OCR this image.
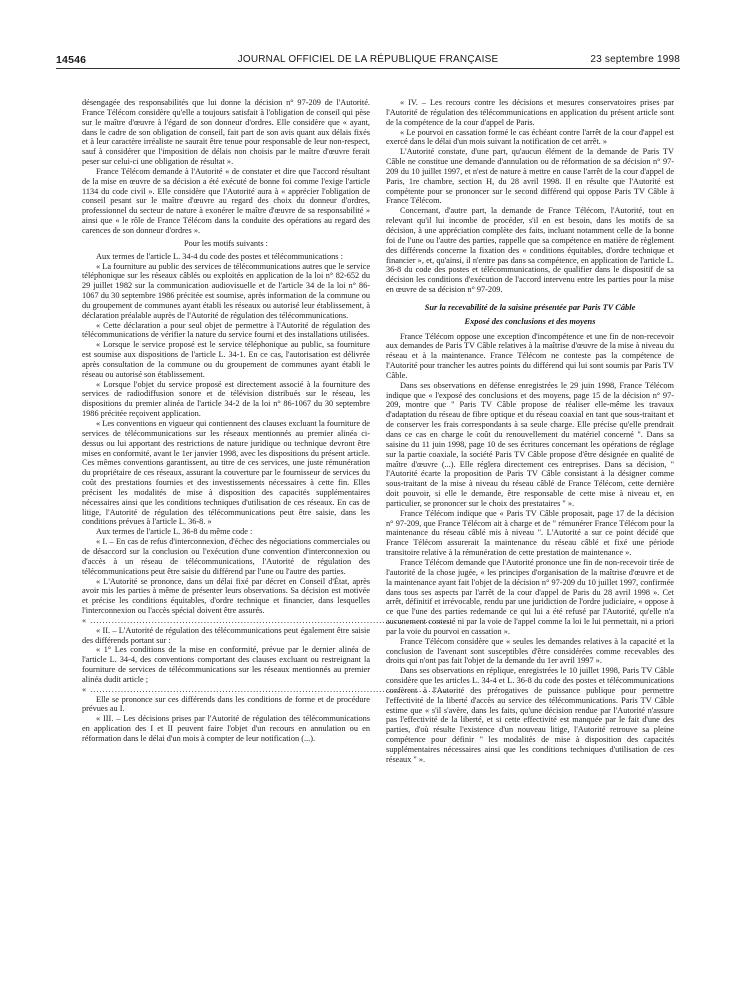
14546	JOURNAL OFFICIEL DE LA RÉPUBLIQUE FRANÇAISE	23 septembre 1998

désengagée des responsabilités que lui donne la décision n° 97-209 de l'Autorité. France Télécom considère qu'elle a toujours satisfait à l'obligation de conseil qui pèse sur le maître d'œuvre à l'égard de son donneur d'ordres. Elle considère que « ayant, dans le cadre de son obligation de conseil, fait part de son avis quant aux délais fixés et à leur caractère irréaliste ne saurait être tenue pour responsable de leur non-respect, sauf à considérer que l'imposition de délais non choisis par le maître d'œuvre ferait peser sur celui-ci une obligation de résultat ».

France Télécom demande à l'Autorité « de constater et dire que l'accord résultant de la mise en œuvre de sa décision a été exécuté de bonne foi comme l'exige l'article 1134 du code civil ». Elle considère que l'Autorité aura à « apprécier l'obligation de conseil pesant sur le maître d'œuvre au regard des choix du donneur d'ordres, professionnel du secteur de nature à exonérer le maître d'œuvre de sa responsabilité » ainsi que « le rôle de France Télécom dans la conduite des opérations au regard des carences de son donneur d'ordres ».

Pour les motifs suivants :

Aux termes de l'article L. 34-4 du code des postes et télécommunications :

« La fourniture au public des services de télécommunications autres que le service téléphonique sur les réseaux câblés ou exploités en application de la loi n° 82-652 du 29 juillet 1982 sur la communication audiovisuelle et de l'article 34 de la loi n° 86-1067 du 30 septembre 1986 précitée est soumise, après information de la commune ou du groupement de communes ayant établi les réseaux ou autorisé leur établissement, à déclaration préalable auprès de l'Autorité de régulation des télécommunications.

« Cette déclaration a pour seul objet de permettre à l'Autorité de régulation des télécommunications de vérifier la nature du service fourni et des installations utilisées.

« Lorsque le service proposé est le service téléphonique au public, sa fourniture est soumise aux dispositions de l'article L. 34-1. En ce cas, l'autorisation est délivrée après consultation de la commune ou du groupement de communes ayant établi le réseau ou autorisé son établissement.

« Lorsque l'objet du service proposé est directement associé à la fourniture des services de radiodiffusion sonore et de télévision distribués sur le réseau, les dispositions du premier alinéa de l'article 34-2 de la loi n° 86-1067 du 30 septembre 1986 précitée reçoivent application.

« Les conventions en vigueur qui contiennent des clauses excluant la fourniture de services de télécommunications sur les réseaux mentionnés au premier alinéa ci-dessus ou lui apportant des restrictions de nature juridique ou technique devront être mises en conformité, avant le 1er janvier 1998, avec les dispositions du présent article. Ces mêmes conventions garantissent, au titre de ces services, une juste rémunération du propriétaire de ces réseaux, assurant la couverture par le fournisseur de services du coût des prestations fournies et des investissements nécessaires à cette fin. Elles précisent les modalités de mise à disposition des capacités supplémentaires nécessaires ainsi que les conditions techniques d'utilisation de ces réseaux. En cas de litige, l'Autorité de régulation des télécommunications peut être saisie, dans les conditions prévues à l'article L. 36-8. »

Aux termes de l'article L. 36-8 du même code :

« I. – En cas de refus d'interconnexion, d'échec des négociations commerciales ou de désaccord sur la conclusion ou l'exécution d'une convention d'interconnexion ou d'accès à un réseau de télécommunications, l'Autorité de régulation des télécommunications peut être saisie du différend par l'une ou l'autre des parties.

« L'Autorité se prononce, dans un délai fixé par décret en Conseil d'État, après avoir mis les parties à même de présenter leurs observations. Sa décision est motivée et précise les conditions équitables, d'ordre technique et financier, dans lesquelles l'interconnexion ou l'accès spécial doivent être assurés.

« ......................................................................................................................

« II. – L'Autorité de régulation des télécommunications peut également être saisie des différends portant sur :

« 1° Les conditions de la mise en conformité, prévue par le dernier alinéa de l'article L. 34-4, des conventions comportant des clauses excluant ou restreignant la fourniture de services de télécommunications sur les réseaux mentionnés au premier alinéa dudit article ;

« ......................................................................................................................

Elle se prononce sur ces différends dans les conditions de forme et de procédure prévues au I.

« III. – Les décisions prises par l'Autorité de régulation des télécommunications en application des I et II peuvent faire l'objet d'un recours en annulation ou en réformation dans le délai d'un mois à compter de leur notification (...).

« IV. – Les recours contre les décisions et mesures conservatoires prises par l'Autorité de régulation des télécommunications en application du présent article sont de la compétence de la cour d'appel de Paris.

« Le pourvoi en cassation formé le cas échéant contre l'arrêt de la cour d'appel est exercé dans le délai d'un mois suivant la notification de cet arrêt. »

L'Autorité constate, d'une part, qu'aucun élément de la demande de Paris TV Câble ne constitue une demande d'annulation ou de réformation de sa décision n° 97-209 du 10 juillet 1997, et n'est de nature à mettre en cause l'arrêt de la cour d'appel de Paris, 1re chambre, section H, du 28 avril 1998. Il en résulte que l'Autorité est compétente pour se prononcer sur le second différend qui oppose Paris TV Câble à France Télécom.

Concernant, d'autre part, la demande de France Télécom, l'Autorité, tout en relevant qu'il lui incombe de procéder, s'il en est besoin, dans les motifs de sa décision, à une appréciation complète des faits, incluant notamment celle de la bonne foi de l'une ou l'autre des parties, rappelle que sa compétence en matière de règlement des différends concerne la fixation des « conditions équitables, d'ordre technique et financier », et, qu'ainsi, il n'entre pas dans sa compétence, en application de l'article L. 36-8 du code des postes et télécommunications, de qualifier dans le dispositif de sa décision les conditions d'exécution de l'accord intervenu entre les parties pour la mise en œuvre de sa décision n° 97-209.

Sur la recevabilité de la saisine présentée par Paris TV Câble
Exposé des conclusions et des moyens

France Télécom oppose une exception d'incompétence et une fin de non-recevoir aux demandes de Paris TV Câble relatives à la maîtrise d'œuvre de la mise à niveau du réseau et à la maintenance. France Télécom ne conteste pas la compétence de l'Autorité pour trancher les autres points du différend qui lui sont soumis par Paris TV Câble.

Dans ses observations en défense enregistrées le 29 juin 1998, France Télécom indique que « l'exposé des conclusions et des moyens, page 15 de la décision n° 97-209, montre que " Paris TV Câble propose de réaliser elle-même les travaux d'adaptation du réseau de fibre optique et du réseau coaxial en tant que sous-traitant et de conserver les frais correspondants à sa seule charge. Elle précise qu'elle prendrait dans ce cas en charge le coût du renouvellement du matériel concerné ". Dans sa saisine du 11 juin 1998, page 10 de ses écritures concernant les opérations de réglage sur la partie coaxiale, la société Paris TV Câble propose d'être désignée en qualité de maître d'œuvre (...). Elle réglera directement ces entreprises. Dans sa décision, " l'Autorité écarte la proposition de Paris TV Câble consistant à la désigner comme sous-traitant de la mise à niveau du réseau câblé de France Télécom, cette dernière doit pouvoir, si elle le demande, être responsable de cette mise à niveau et, en particulier, se prononcer sur le choix des prestataires " ».

France Télécom indique que « Paris TV Câble proposait, page 17 de la décision n° 97-209, que France Télécom ait à charge et de " rémunérer France Télécom pour la maintenance du réseau câblé mis à niveau ". L'Autorité a sur ce point décidé que France Télécom assurerait la maintenance du réseau câblé et fixé une période transitoire relative à la rémunération de cette prestation de maintenance ».

France Télécom demande que l'Autorité prononce une fin de non-recevoir tirée de l'autorité de la chose jugée, « les principes d'organisation de la maîtrise d'œuvre et de la maintenance ayant fait l'objet de la décision n° 97-209 du 10 juillet 1997, confirmée dans tous ses aspects par l'arrêt de la cour d'appel de Paris du 28 avril 1998 ». Cet arrêt, définitif et irrévocable, rendu par une juridiction de l'ordre judiciaire, « oppose à ce que l'une des parties redemande ce qui lui a été refusé par l'Autorité, qu'elle n'a aucunement contesté ni par la voie de l'appel comme la loi le lui permettait, ni a priori par la voie du pourvoi en cassation ».

France Télécom considère que « seules les demandes relatives à la capacité et la conclusion de l'avenant sont susceptibles d'être considérées comme recevables des droits qui n'ont pas fait l'objet de la demande du 1er avril 1997 ».

Dans ses observations en réplique, enregistrées le 10 juillet 1998, Paris TV Câble considère que les articles L. 34-4 et L. 36-8 du code des postes et télécommunications confèrent à l'Autorité des prérogatives de puissance publique pour permettre l'effectivité de la liberté d'accès au service des télécommunications. Paris TV Câble estime que « s'il s'avère, dans les faits, qu'une décision rendue par l'Autorité n'assure pas l'effectivité de la liberté, et si cette effectivité est manquée par le fait d'une des parties, d'où résulte l'existence d'un nouveau litige, l'Autorité retrouve sa pleine compétence pour définir " les modalités de mise à disposition des capacités supplémentaires nécessaires ainsi que les conditions techniques d'utilisation de ces réseaux " ».
